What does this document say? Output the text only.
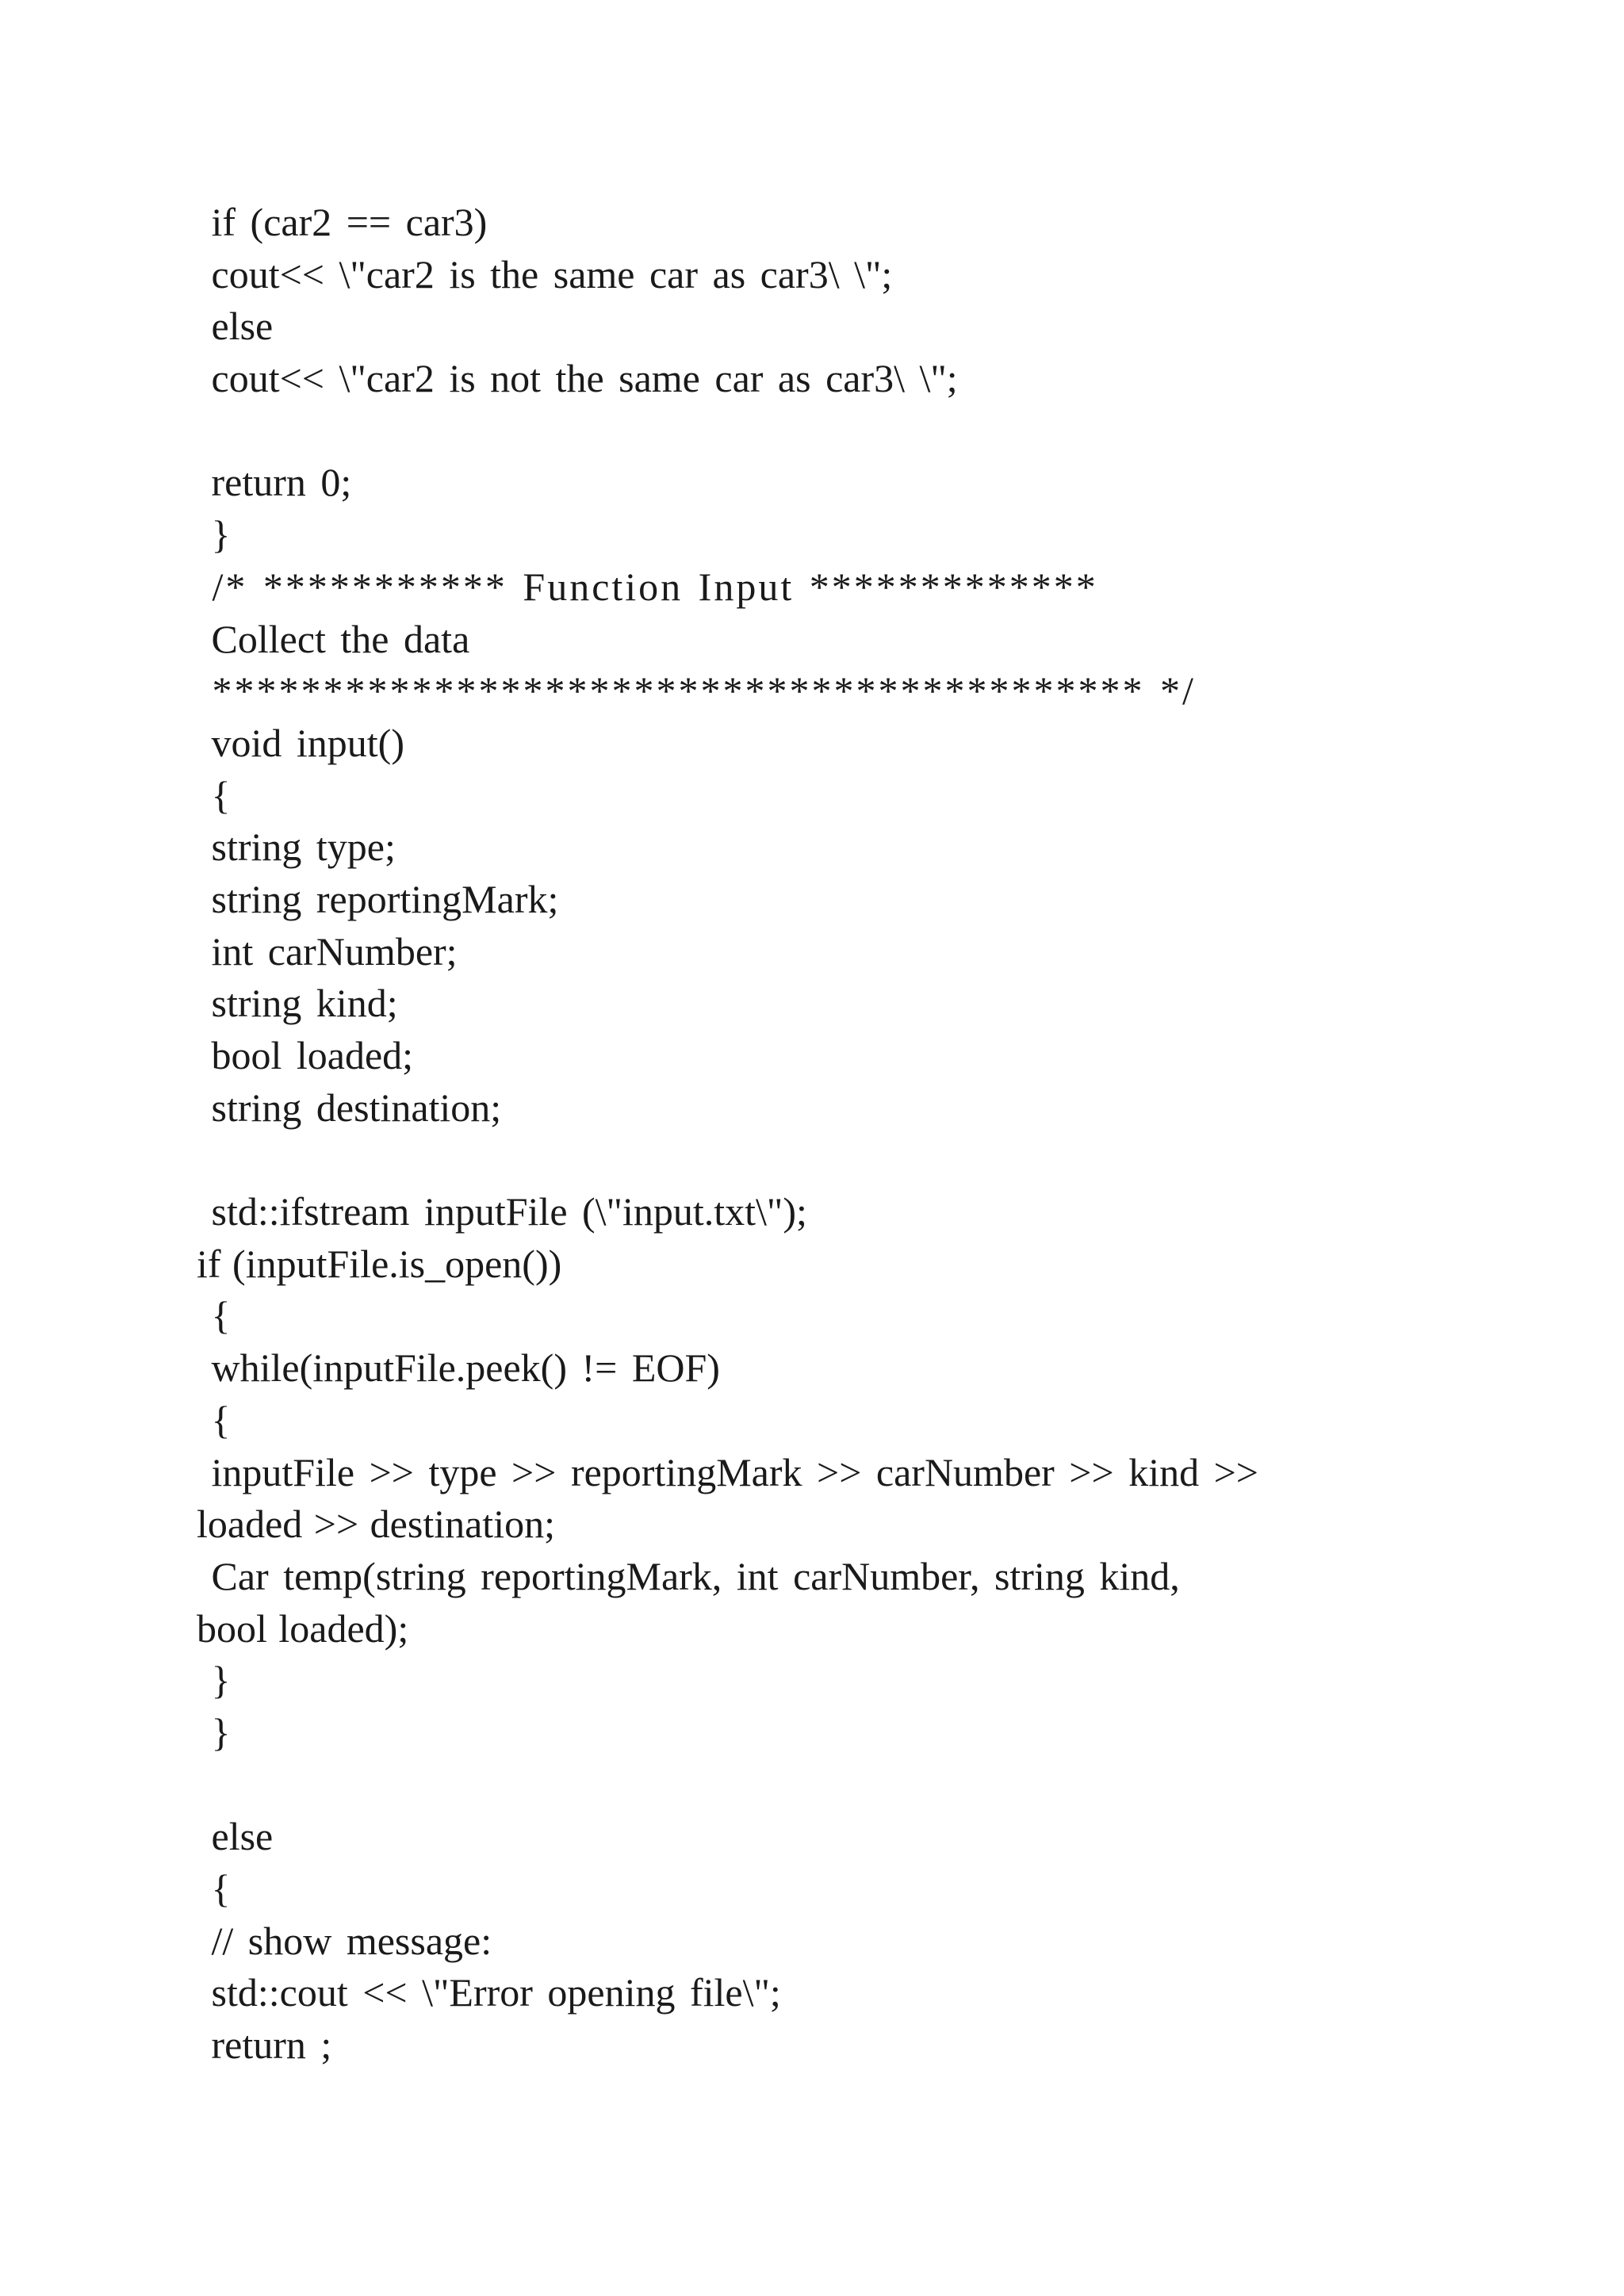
if (car2 == car3)
cout<< \"car2 is the same car as car3\ \";
else
cout<< \"car2 is not the same car as car3\ \";
return 0;
}
/* *********** Function Input *************
Collect the data
****************************************** */
void input()
{
string type;
string reportingMark;
int carNumber;
string kind;
bool loaded;
string destination;
std::ifstream inputFile (\"input.txt\");
if (inputFile.is_open())
{
while(inputFile.peek() != EOF)
{
inputFile >> type >> reportingMark >> carNumber >> kind >>
loaded >> destination;
Car temp(string reportingMark, int carNumber, string kind,
bool loaded);
}
}
else
{
// show message:
std::cout << \"Error opening file\";
return ;
